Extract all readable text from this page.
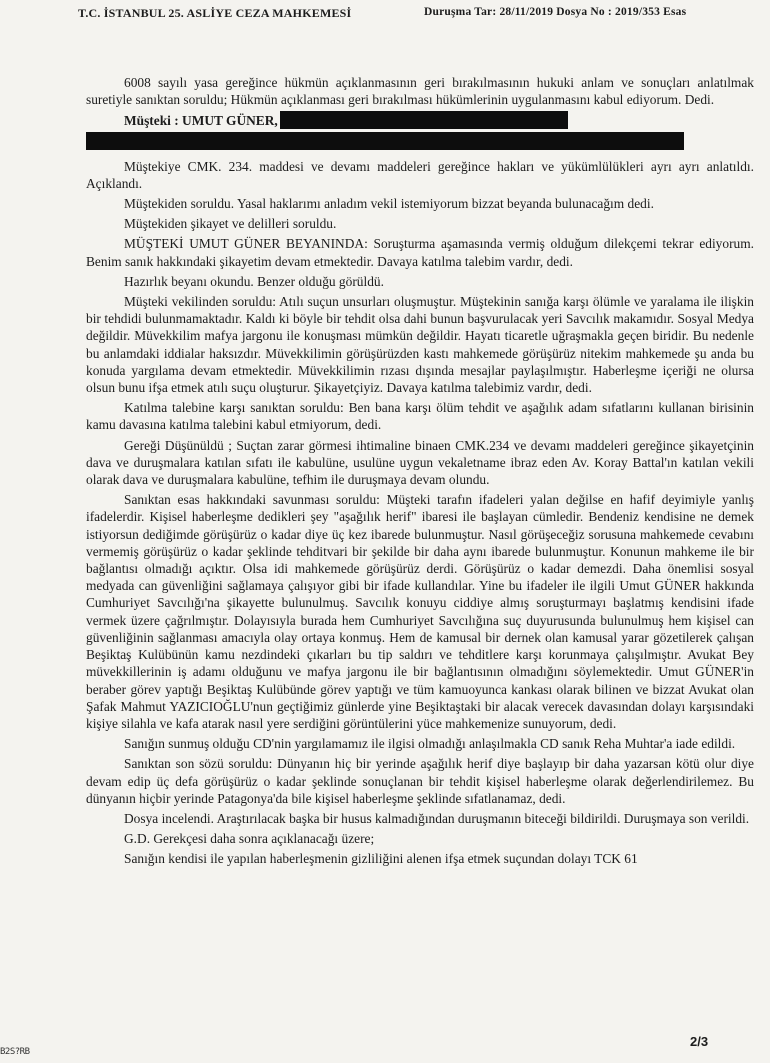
T.C. İSTANBUL 25. ASLİYE CEZA MAHKEMESİ	Duruşma Tar: 28/11/2019 Dosya No : 2019/353 Esas

6008 sayılı yasa gereğince hükmün açıklanmasının geri bırakılmasının hukuki anlam ve sonuçları anlatılmak suretiyle sanıktan soruldu; Hükmün açıklanması geri bırakılması hükümlerinin uygulanmasını kabul ediyorum. Dedi.

Müşteki : UMUT GÜNER,

Müştekiye CMK. 234. maddesi ve devamı maddeleri gereğince hakları ve yükümlülükleri ayrı ayrı anlatıldı. Açıklandı.

Müştekiden soruldu. Yasal haklarımı anladım vekil istemiyorum bizzat beyanda bulunacağım dedi.

Müştekiden şikayet ve delilleri soruldu.

MÜŞTEKİ UMUT GÜNER BEYANINDA: Soruşturma aşamasında vermiş olduğum dilekçemi tekrar ediyorum. Benim sanık hakkındaki şikayetim devam etmektedir. Davaya katılma talebim vardır, dedi.

Hazırlık beyanı okundu. Benzer olduğu görüldü.

Müşteki vekilinden soruldu: Atılı suçun unsurları oluşmuştur. Müştekinin sanığa karşı ölümle ve yaralama ile ilişkin bir tehdidi bulunmamaktadır. Kaldı ki böyle bir tehdit olsa dahi bunun başvurulacak yeri Savcılık makamıdır. Sosyal Medya değildir. Müvekkilim mafya jargonu ile konuşması mümkün değildir. Hayatı ticaretle uğraşmakla geçen biridir. Bu nedenle bu anlamdaki iddialar haksızdır. Müvekkilimin görüşürüzden kastı mahkemede görüşürüz nitekim mahkemede şu anda bu konuda yargılama devam etmektedir. Müvekkilimin rızası dışında mesajlar paylaşılmıştır. Haberleşme içeriği ne olursa olsun bunu ifşa etmek atılı suçu oluşturur. Şikayetçiyiz. Davaya katılma talebimiz vardır, dedi.

Katılma talebine karşı sanıktan soruldu: Ben bana karşı ölüm tehdit ve aşağılık adam sıfatlarını kullanan birisinin kamu davasına katılma talebini kabul etmiyorum, dedi.

Gereği Düşünüldü ; Suçtan zarar görmesi ihtimaline binaen CMK.234 ve devamı maddeleri gereğince şikayetçinin dava ve duruşmalara katılan sıfatı ile kabulüne, usulüne uygun vekaletname ibraz eden Av. Koray Battal'ın katılan vekili olarak dava ve duruşmalara kabulüne, tefhim ile duruşmaya devam olundu.

Sanıktan esas hakkındaki savunması soruldu: Müşteki tarafın ifadeleri yalan değilse en hafif deyimiyle yanlış ifadelerdir. Kişisel haberleşme dedikleri şey "aşağılık herif" ibaresi ile başlayan cümledir. Bendeniz kendisine ne demek istiyorsun dediğimde görüşürüz o kadar diye üç kez ibarede bulunmuştur. Nasıl görüşeceğiz sorusuna mahkemede cevabını vermemiş görüşürüz o kadar şeklinde tehditvari bir şekilde bir daha aynı ibarede bulunmuştur. Konunun mahkeme ile bir bağlantısı olmadığı açıktır. Olsa idi mahkemede görüşürüz derdi. Görüşürüz o kadar demezdi. Daha önemlisi sosyal medyada can güvenliğini sağlamaya çalışıyor gibi bir ifade kullandılar. Yine bu ifadeler ile ilgili Umut GÜNER hakkında Cumhuriyet Savcılığı'na şikayette bulunulmuş. Savcılık konuyu ciddiye almış soruşturmayı başlatmış kendisini ifade vermek üzere çağrılmıştır. Dolayısıyla burada hem Cumhuriyet Savcılığına suç duyurusunda bulunulmuş hem kişisel can güvenliğinin sağlanması amacıyla olay ortaya konmuş. Hem de kamusal bir dernek olan kamusal yarar gözetilerek çalışan Beşiktaş Kulübünün kamu nezdindeki çıkarları bu tip saldırı ve tehditlere karşı korunmaya çalışılmıştır. Avukat Bey müvekkillerinin iş adamı olduğunu ve mafya jargonu ile bir bağlantısının olmadığını söylemektedir. Umut GÜNER'in beraber görev yaptığı Beşiktaş Kulübünde görev yaptığı ve tüm kamuoyunca kankası olarak bilinen ve bizzat Avukat olan Şafak Mahmut YAZICIOĞLU'nun geçtiğimiz günlerde yine Beşiktaştaki bir alacak verecek davasından dolayı karşısındaki kişiye silahla ve kafa atarak nasıl yere serdiğini görüntülerini yüce mahkemenize sunuyorum, dedi.

Sanığın sunmuş olduğu CD'nin yargılamamız ile ilgisi olmadığı anlaşılmakla CD sanık Reha Muhtar'a iade edildi.

Sanıktan son sözü soruldu: Dünyanın hiç bir yerinde aşağılık herif diye başlayıp bir daha yazarsan kötü olur diye devam edip üç defa görüşürüz o kadar şeklinde sonuçlanan bir tehdit kişisel haberleşme olarak değerlendirilemez. Bu dünyanın hiçbir yerinde Patagonya'da bile kişisel haberleşme şeklinde sıfatlanamaz, dedi.

Dosya incelendi. Araştırılacak başka bir husus kalmadığından duruşmanın biteceği bildirildi. Duruşmaya son verildi.

G.D. Gerekçesi daha sonra açıklanacağı üzere;

Sanığın kendisi ile yapılan haberleşmenin gizliliğini alenen ifşa etmek suçundan dolayı TCK 61

2/3
B2S?RB
